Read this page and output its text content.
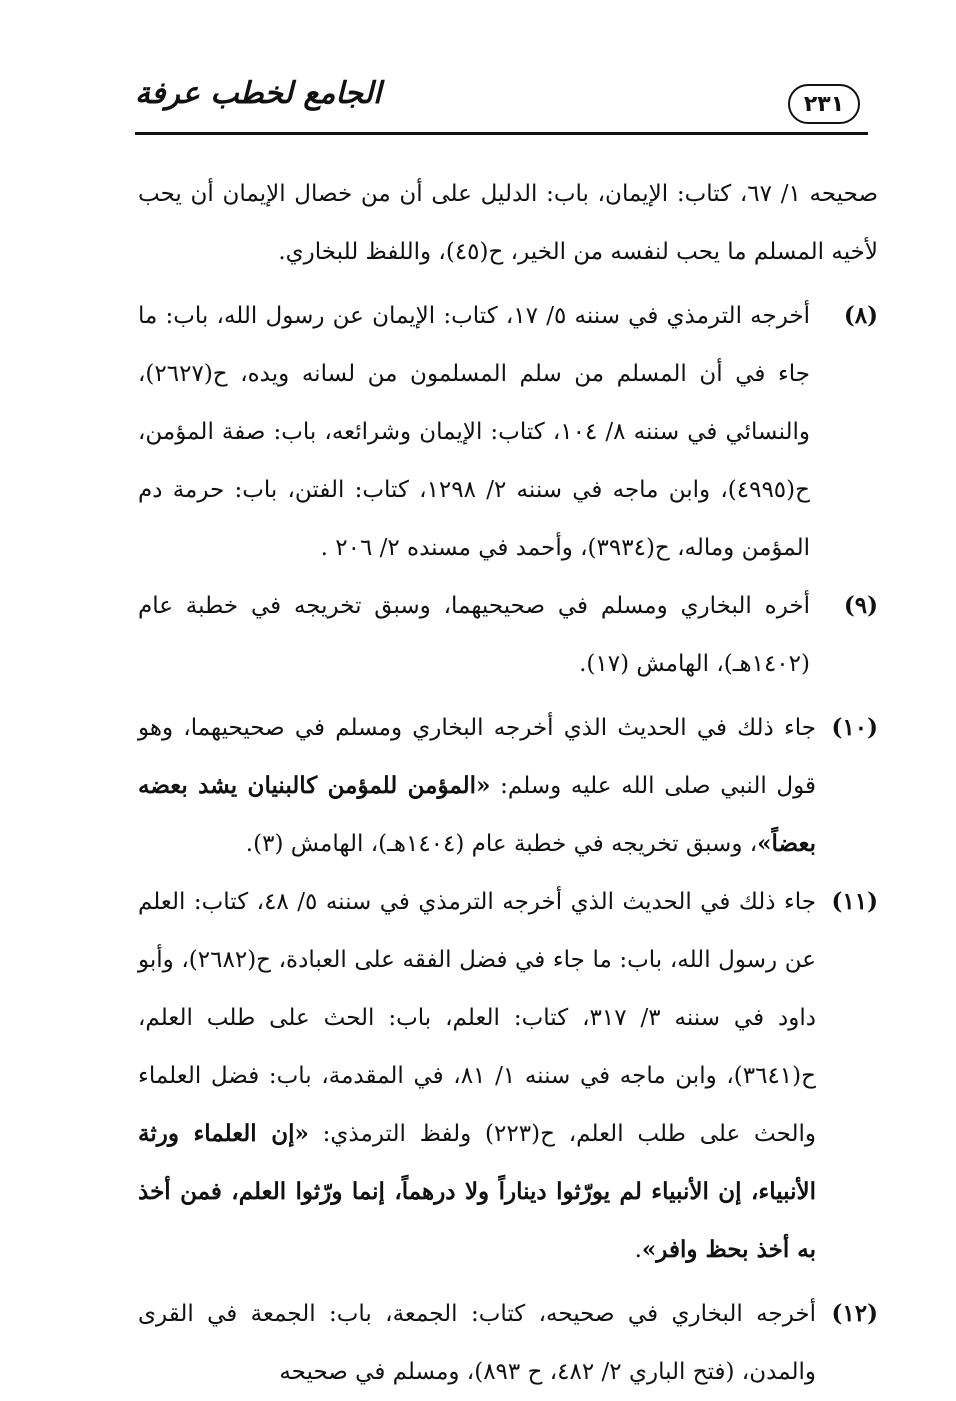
٢٣١
الجامع لخطب عرفة
صحيحه ١/ ٦٧، كتاب: الإيمان، باب: الدليل على أن من خصال الإيمان أن يحب لأخيه المسلم ما يحب لنفسه من الخير، ح(٤٥)، واللفظ للبخاري.
(٨)
أخرجه الترمذي في سننه ٥/ ١٧، كتاب: الإيمان عن رسول الله، باب: ما جاء في أن المسلم من سلم المسلمون من لسانه ويده، ح(٢٦٢٧)، والنسائي في سننه ٨/ ١٠٤، كتاب: الإيمان وشرائعه، باب: صفة المؤمن، ح(٤٩٩٥)، وابن ماجه في سننه ٢/ ١٢٩٨، كتاب: الفتن، باب: حرمة دم المؤمن وماله، ح(٣٩٣٤)، وأحمد في مسنده ٢/ ٢٠٦ .
(٩)
أخره البخاري ومسلم في صحيحيهما، وسبق تخريجه في خطبة عام (١٤٠٢هـ)، الهامش (١٧).
(١٠)
جاء ذلك في الحديث الذي أخرجه البخاري ومسلم في صحيحيهما، وهو قول النبي صلى الله عليه وسلم: «المؤمن للمؤمن كالبنيان يشد بعضه بعضاً»، وسبق تخريجه في خطبة عام (١٤٠٤هـ)، الهامش (٣).
(١١)
جاء ذلك في الحديث الذي أخرجه الترمذي في سننه ٥/ ٤٨، كتاب: العلم عن رسول الله، باب: ما جاء في فضل الفقه على العبادة، ح(٢٦٨٢)، وأبو داود في سننه ٣/ ٣١٧، كتاب: العلم، باب: الحث على طلب العلم، ح(٣٦٤١)، وابن ماجه في سننه ١/ ٨١، في المقدمة، باب: فضل العلماء والحث على طلب العلم، ح(٢٢٣) ولفظ الترمذي: «إن العلماء ورثة الأنبياء، إن الأنبياء لم يورّثوا ديناراً ولا درهماً، إنما ورّثوا العلم، فمن أخذ به أخذ بحظ وافر».
(١٢)
أخرجه البخاري في صحيحه، كتاب: الجمعة، باب: الجمعة في القرى والمدن، (فتح الباري ٢/ ٤٨٢، ح ٨٩٣)، ومسلم في صحيحه
